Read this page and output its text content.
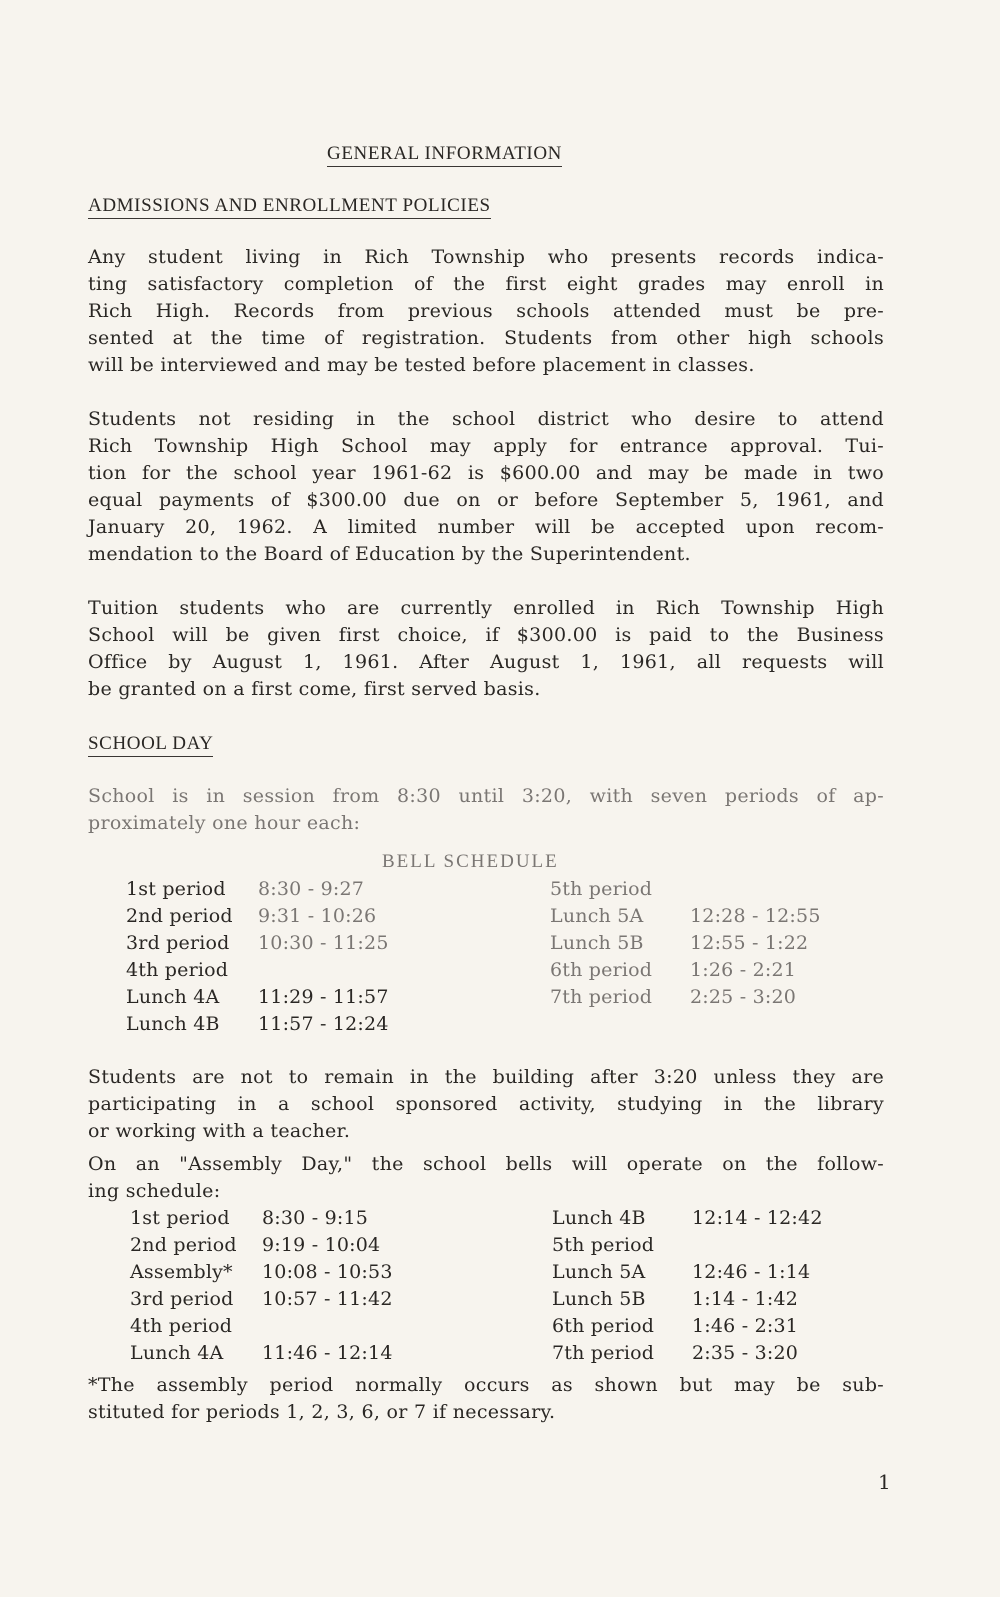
GENERAL INFORMATION
ADMISSIONS AND ENROLLMENT POLICIES

Any student living in Rich Township who presents records indica-
ting satisfactory completion of the first eight grades may enroll in
Rich High. Records from previous schools attended must be pre-
sented at the time of registration. Students from other high schools
will be interviewed and may be tested before placement in classes.

Students not residing in the school district who desire to attend
Rich Township High School may apply for entrance approval. Tui-
tion for the school year 1961-62 is $600.00 and may be made in two
equal payments of $300.00 due on or before September 5, 1961, and
January 20, 1962. A limited number will be accepted upon recom-
mendation to the Board of Education by the Superintendent.

Tuition students who are currently enrolled in Rich Township High
School will be given first choice, if $300.00 is paid to the Business
Office by August 1, 1961. After August 1, 1961, all requests will
be granted on a first come, first served basis.

SCHOOL DAY

School is in session from 8:30 until 3:20, with seven periods of ap-
proximately one hour each:

BELL SCHEDULE
1st period 8:30 - 9:27
2nd period 9:31 - 10:26
3rd period 10:30 - 11:25
4th period
Lunch 4A 11:29 - 11:57
Lunch 4B 11:57 - 12:24
5th period
Lunch 5A 12:28 - 12:55
Lunch 5B 12:55 - 1:22
6th period 1:26 - 2:21
7th period 2:25 - 3:20

Students are not to remain in the building after 3:20 unless they are
participating in a school sponsored activity, studying in the library
or working with a teacher.

On an "Assembly Day," the school bells will operate on the follow-
ing schedule:

1st period 8:30 - 9:15
2nd period 9:19 - 10:04
Assembly* 10:08 - 10:53
3rd period 10:57 - 11:42
4th period
Lunch 4A 11:46 - 12:14
Lunch 4B 12:14 - 12:42
5th period
Lunch 5A 12:46 - 1:14
Lunch 5B 1:14 - 1:42
6th period 1:46 - 2:31
7th period 2:35 - 3:20

*The assembly period normally occurs as shown but may be sub-
stituted for periods 1, 2, 3, 6, or 7 if necessary.

1
